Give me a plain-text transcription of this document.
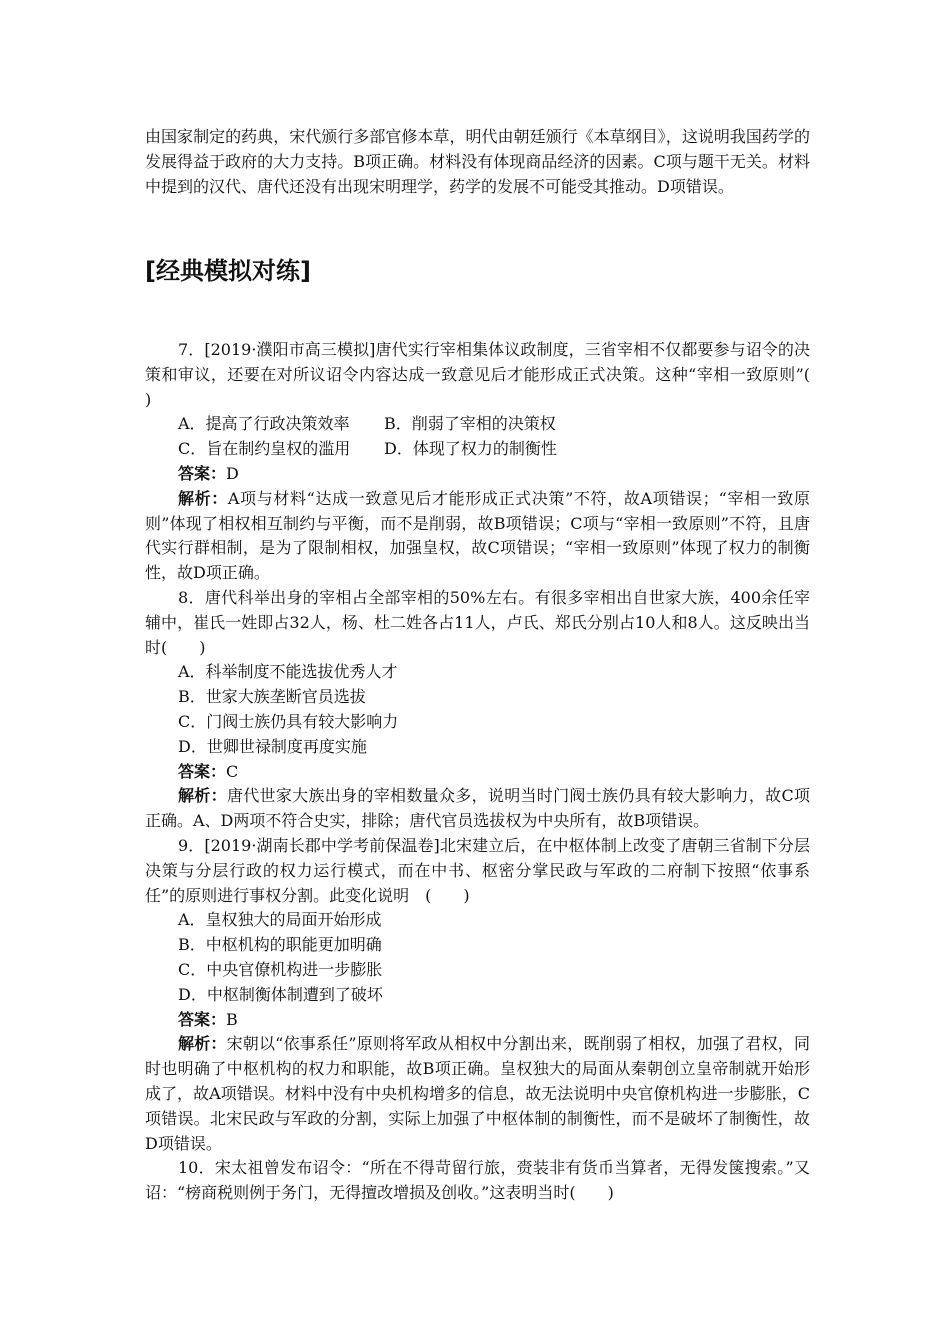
由国家制定的药典，宋代颁行多部官修本草，明代由朝廷颁行《本草纲目》，这说明我国药学的发展得益于政府的大力支持。B项正确。材料没有体现商品经济的因素。C项与题干无关。材料中提到的汉代、唐代还没有出现宋明理学，药学的发展不可能受其推动。D项错误。

[经典模拟对练]

7．[2019·濮阳市高三模拟]唐代实行宰相集体议政制度，三省宰相不仅都要参与诏令的决策和审议，还要在对所议诏令内容达成一致意见后才能形成正式决策。这种“宰相一致原则”(　　)

A．提高了行政决策效率 B．削弱了宰相的决策权

C．旨在制约皇权的滥用 D．体现了权力的制衡性

答案：D

解析：A项与材料“达成一致意见后才能形成正式决策”不符，故A项错误；“宰相一致原则”体现了相权相互制约与平衡，而不是削弱，故B项错误；C项与“宰相一致原则”不符，且唐代实行群相制，是为了限制相权，加强皇权，故C项错误；“宰相一致原则”体现了权力的制衡性，故D项正确。

8．唐代科举出身的宰相占全部宰相的50%左右。有很多宰相出自世家大族，400余任宰辅中，崔氏一姓即占32人，杨、杜二姓各占11人，卢氏、郑氏分别占10人和8人。这反映出当时(　　)

A．科举制度不能选拔优秀人才

B．世家大族垄断官员选拔

C．门阀士族仍具有较大影响力

D．世卿世禄制度再度实施

答案：C

解析：唐代世家大族出身的宰相数量众多，说明当时门阀士族仍具有较大影响力，故C项正确。A、D两项不符合史实，排除；唐代官员选拔权为中央所有，故B项错误。

9．[2019·湖南长郡中学考前保温卷]北宋建立后，在中枢体制上改变了唐朝三省制下分层决策与分层行政的权力运行模式，而在中书、枢密分掌民政与军政的二府制下按照“依事系任”的原则进行事权分割。此变化说明　(　　)

A．皇权独大的局面开始形成

B．中枢机构的职能更加明确

C．中央官僚机构进一步膨胀

D．中枢制衡体制遭到了破坏

答案：B

解析：宋朝以“依事系任”原则将军政从相权中分割出来，既削弱了相权，加强了君权，同时也明确了中枢机构的权力和职能，故B项正确。皇权独大的局面从秦朝创立皇帝制就开始形成了，故A项错误。材料中没有中央机构增多的信息，故无法说明中央官僚机构进一步膨胀，C项错误。北宋民政与军政的分割，实际上加强了中枢体制的制衡性，而不是破坏了制衡性，故D项错误。

10．宋太祖曾发布诏令：“所在不得苛留行旅，赍装非有货币当算者，无得发箧搜索。”又诏：“榜商税则例于务门，无得擅改增损及创收。”这表明当时(　　)
